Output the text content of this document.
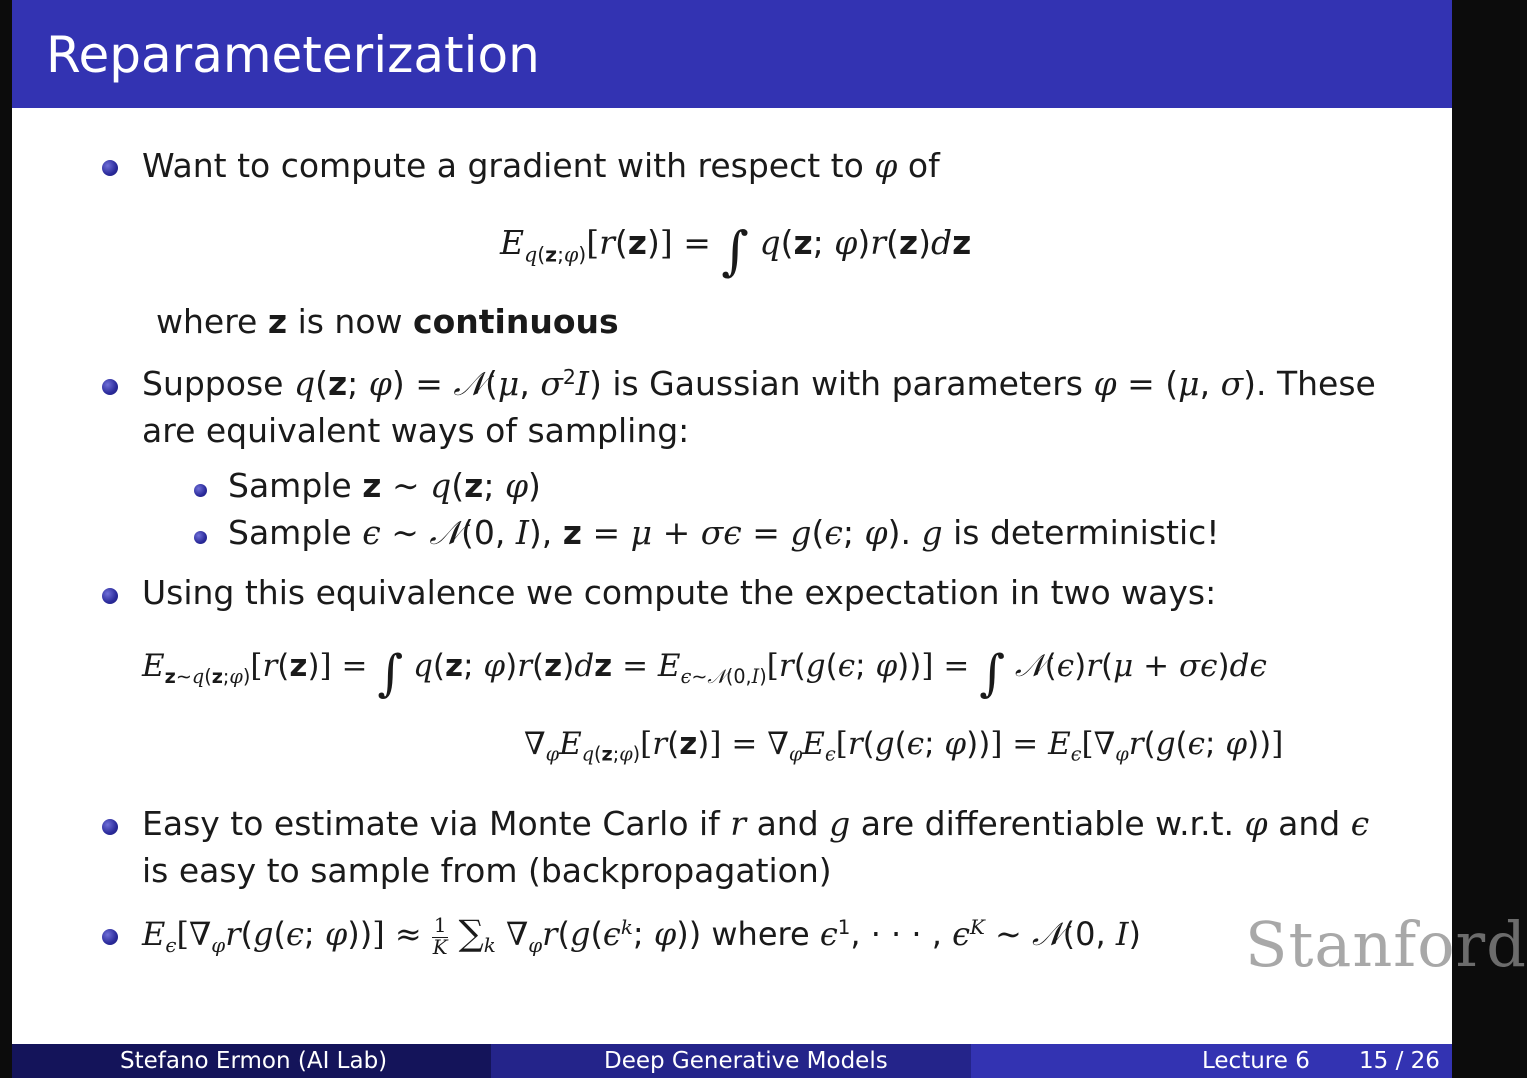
Reparameterization
Want to compute a gradient with respect to φ of
$E_{q(z;\varphi)}[r(z)]$ = ∫ q(z; φ)r(z)dz
where z is now continuous
Suppose q(z; φ) = 𝒩(μ, $\sigma^2I$) is Gaussian with parameters φ = (μ, σ). These
are equivalent ways of sampling:
Sample z ∼ q(z; φ)
Sample ϵ ∼ 𝒩(0, I), z = μ + σϵ = g(ϵ; φ). g is deterministic!
Using this equivalence we compute the expectation in two ways:
$E_{z\sim q(z;\varphi)}[r(z)]$ = ∫ q(z; $\varphi)r(z)dz = E_{\epsilon\sim 𝒩(0,I)}[r(g(\epsilon$; φ))] = ∫ 𝒩(ϵ)r(μ + σϵ)dϵ
$\nabla_\varphi E_{q(z;\varphi)}[r(z)] = \nabla_\varphi E_\epsilon[r(g(\epsilon$; $\varphi))] = E_\epsilon[\nabla_\varphi r(g(\epsilon$; φ))]
Easy to estimate via Monte Carlo if r and g are differentiable w.r.t. φ and ϵ
is easy to sample from (backpropagation)
$E_\epsilon[\nabla_\varphi r(g(\epsilon$; $\varphi))] \approx \frac{1}{K} \sum_k$ $\nabla_\varphi r(g(\epsilon^k$; φ)) where $\epsilon^1$, · · · , $\epsilon^K$ ∼ 𝒩(0, I) Stanford
Stefano Ermon (AI Lab)	Deep Generative Models	Lecture 6 15 / 26
